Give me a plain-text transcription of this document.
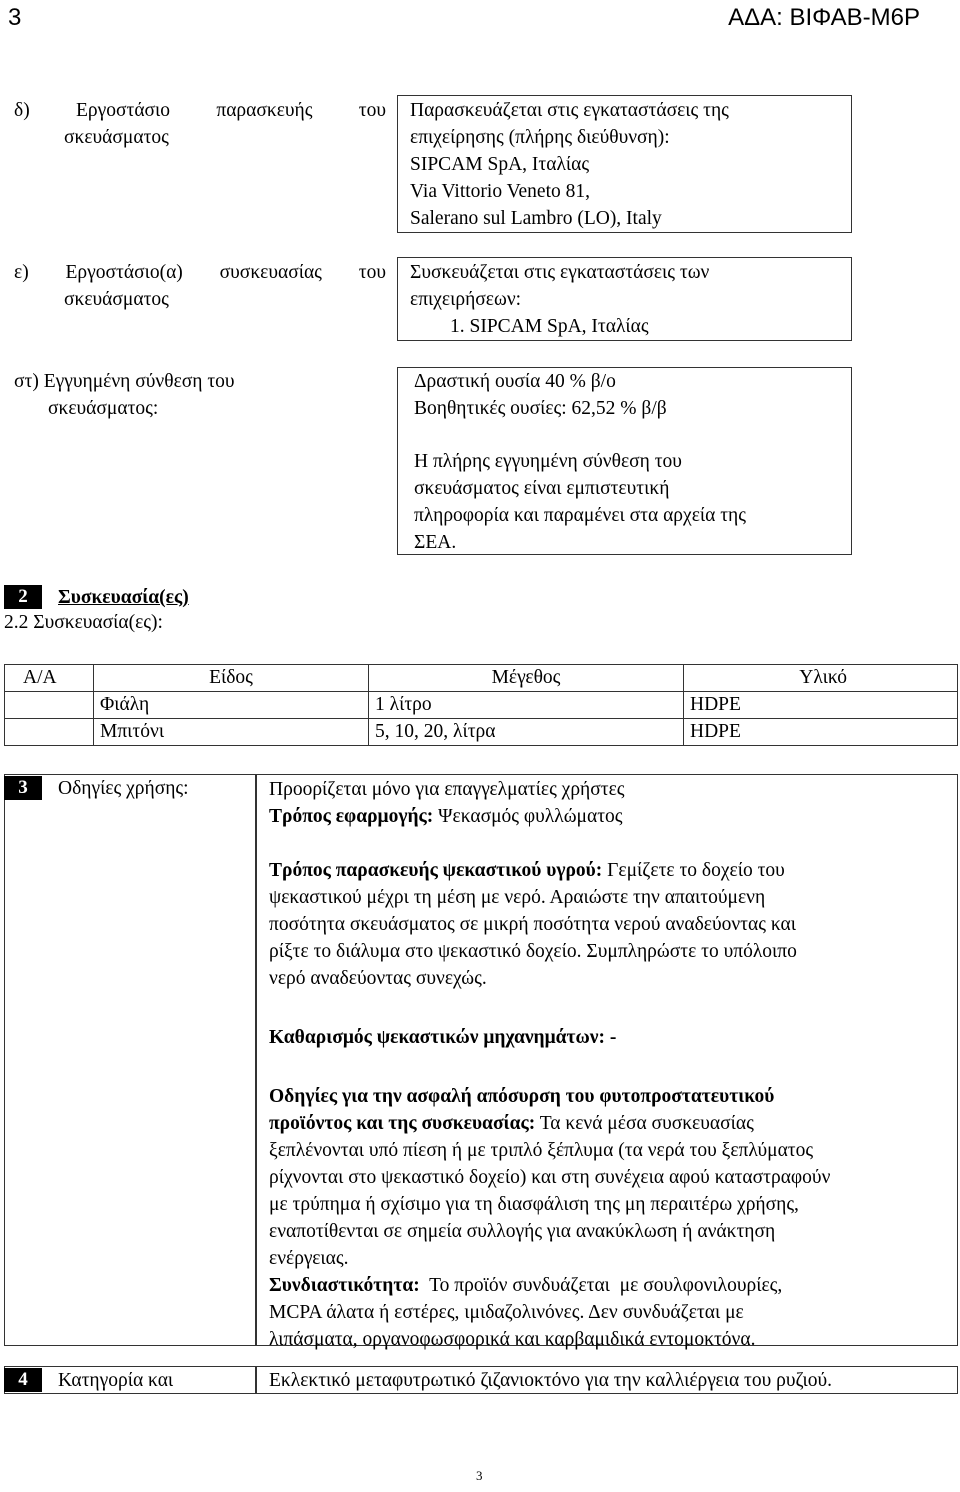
3	ΑΔΑ: ΒΙΦΑΒ-Μ6Ρ
δ) Εργοστάσιο παρασκευής του
σκευάσματος
Παρασκευάζεται στις εγκαταστάσεις της
επιχείρησης (πλήρης διεύθυνση):
SIPCAM SpA, Ιταλίας
Via Vittorio Veneto 81,
Salerano sul Lambro (LO), Italy
ε) Εργοστάσιο(α) συσκευασίας του
σκευάσματος
Συσκευάζεται στις εγκαταστάσεις των
επιχειρήσεων:
1. SIPCAM SpA, Ιταλίας
στ) Εγγυημένη σύνθεση του
σκευάσματος:
Δραστική ουσία 40 % β/ο
Βοηθητικές ουσίες: 62,52 % β/β
Η πλήρης εγγυημένη σύνθεση του
σκευάσματος είναι εμπιστευτική
πληροφορία και παραμένει στα αρχεία της
ΣΕΑ.
2	Συσκευασία(ες)
2.2 Συσκευασία(ες):
Α/Α	Είδος	Μέγεθος	Υλικό
	Φιάλη	1 λίτρο	HDPE
	Μπιτόνι	5, 10, 20, λίτρα	HDPE
3	Οδηγίες χρήσης:	Προορίζεται μόνο για επαγγελματίες χρήστες
Τρόπος εφαρμογής: Ψεκασμός φυλλώματος
Τρόπος παρασκευής ψεκαστικού υγρού: Γεμίζετε το δοχείο του
ψεκαστικού μέχρι τη μέση με νερό. Αραιώστε την απαιτούμενη
ποσότητα σκευάσματος σε μικρή ποσότητα νερού αναδεύοντας και
ρίξτε το διάλυμα στο ψεκαστικό δοχείο. Συμπληρώστε το υπόλοιπο
νερό αναδεύοντας συνεχώς.
Καθαρισμός ψεκαστικών μηχανημάτων: -
Οδηγίες για την ασφαλή απόσυρση του φυτοπροστατευτικού
προϊόντος και της συσκευασίας: Τα κενά μέσα συσκευασίας
ξεπλένονται υπό πίεση ή με τριπλό ξέπλυμα (τα νερά του ξεπλύματος
ρίχνονται στο ψεκαστικό δοχείο) και στη συνέχεια αφού καταστραφούν
με τρύπημα ή σχίσιμο για τη διασφάλιση της μη περαιτέρω χρήσης,
εναποτίθενται σε σημεία συλλογής για ανακύκλωση ή ανάκτηση
ενέργειας.
Συνδιαστικότητα:  Το προϊόν συνδυάζεται  με σουλφονιλουρίες,
MCPA άλατα ή εστέρες, ιμιδαζολινόνες. Δεν συνδυάζεται με
λιπάσματα, οργανοφωσφορικά και καρβαμιδικά εντομοκτόνα.
4	Κατηγορία και	Εκλεκτικό μεταφυτρωτικό ζιζανιοκτόνο για την καλλιέργεια του ρυζιού.
3
